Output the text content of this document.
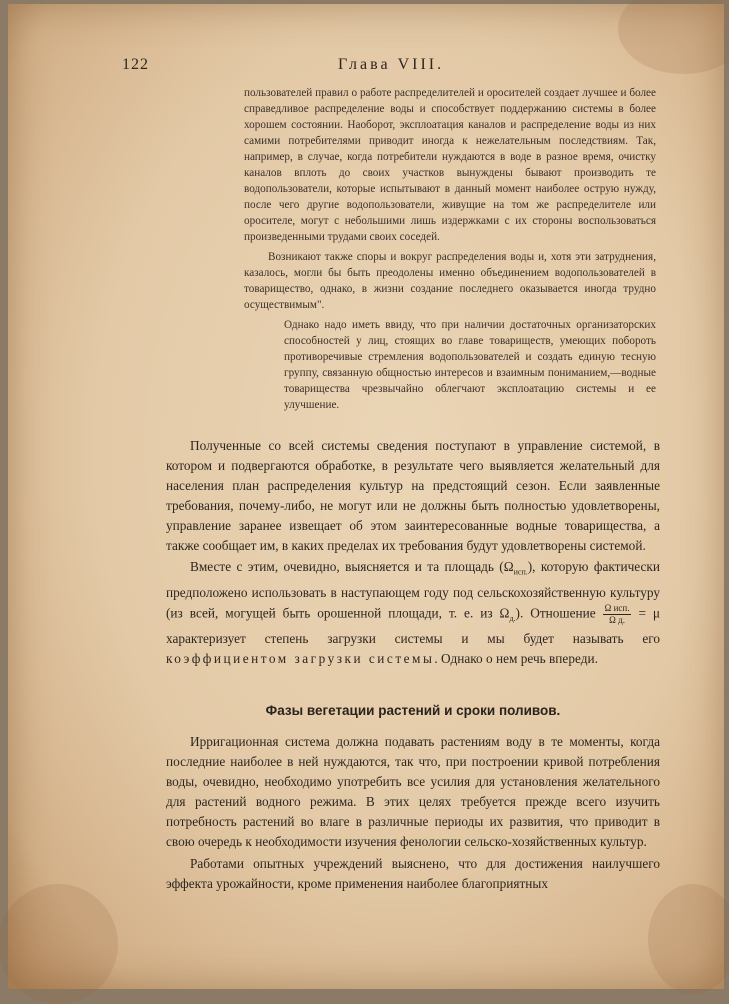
122	Глава VIII.

пользователей правил о работе распределителей и оросителей создает лучшее и более справедливое распределение воды и способствует поддержанию системы в более хорошем состоянии. Наоборот, эксплоатация каналов и распределение воды из них самими потребителями приводит иногда к нежелательным последствиям. Так, например, в случае, когда потребители нуждаются в воде в разное время, очистку каналов вплоть до своих участков вынуждены бывают производить те водопользователи, которые испытывают в данный момент наиболее острую нужду, после чего другие водопользователи, живущие на том же распределителе или оросителе, могут с небольшими лишь издержками с их стороны воспользоваться произведенными трудами своих соседей.

Возникают также споры и вокруг распределения воды и, хотя эти затруднения, казалось, могли бы быть преодолены именно объединением водопользователей в товарищество, однако, в жизни создание последнего оказывается иногда трудно осуществимым".

Однако надо иметь ввиду, что при наличии достаточных организаторских способностей у лиц, стоящих во главе товариществ, умеющих побороть противоречивые стремления водопользователей и создать единую тесную группу, связанную общностью интересов и взаимным пониманием,—водные товарищества чрезвычайно облегчают эксплоатацию системы и ее улучшение.

Полученные со всей системы сведения поступают в управление системой, в котором и подвергаются обработке, в результате чего выявляется желательный для населения план распределения культур на предстоящий сезон. Если заявленные требования, почему-либо, не могут или не должны быть полностью удовлетворены, управление заранее извещает об этом заинтересованные водные товарищества, а также сообщает им, в каких пределах их требования будут удовлетворены системой.

Вместе с этим, очевидно, выясняется и та площадь $(\Omega_{исп.})$, которую фактически предположено использовать в наступающем году под сельскохозяйственную культуру (из всей, могущей быть орошенной площади, т. е. из $\Omega_{д.}$). Отношение Ω исп.
Ω д.	= μ характеризует степень загрузки системы и мы будет называть его коэффициентом загрузки системы. Однако о нем речь впереди.

Фазы вегетации растений и сроки поливов.

Ирригационная система должна подавать растениям воду в те моменты, когда последние наиболее в ней нуждаются, так что, при построении кривой потребления воды, очевидно, необходимо употребить все усилия для установления желательного для растений водного режима. В этих целях требуется прежде всего изучить потребность растений во влаге в различные периоды их развития, что приводит в свою очередь к необходимости изучения фенологии сельско-хозяйственных культур.

Работами опытных учреждений выяснено, что для достижения наилучшего эффекта урожайности, кроме применения наиболее благоприятных
